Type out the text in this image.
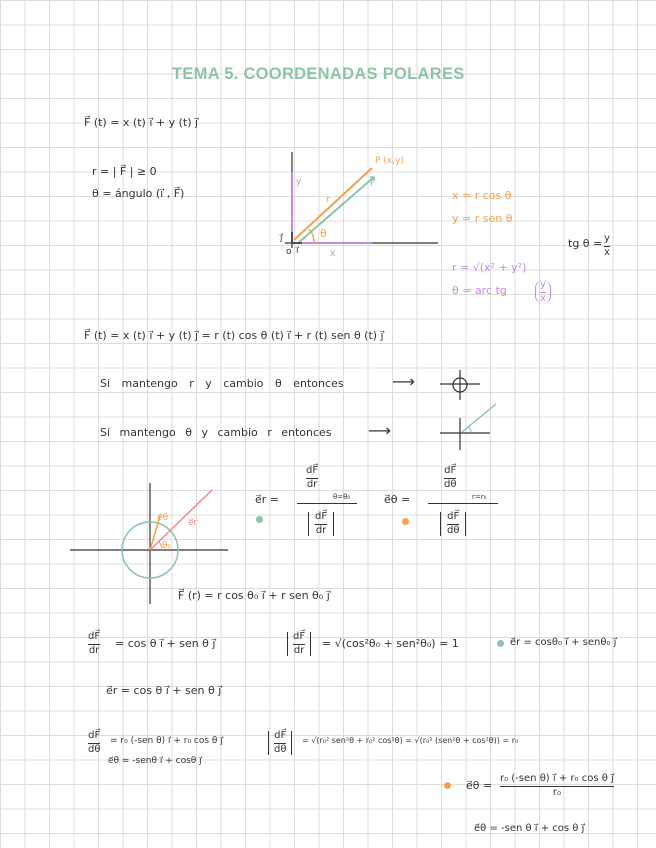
TEMA 5. COORDENADAS POLARES
F⃗ (t) = x (t) i⃗ + y (t) j⃗
r = | F⃗ | ≥ 0
θ = ángulo (i⃗ , F⃗)
P (x,y)
F⃗
r
y
x
θ
j⃗
i⃗
o
x = r cos θ
y = r sen θ
tg θ = y
x
r = √(x² + y²)
θ = arc tg	y
x
F⃗ (t) = x (t) i⃗ + y (t) j⃗ = r (t) cos θ (t) i⃗ + r (t) sen θ (t) j⃗
Si mantengo r y cambio θ entonces	⟶
Si mantengo θ y cambio r entonces ⟶
e⃗r
e⃗θ
θ₀
e⃗r =
dF⃗
dr
θ=θ₀
dF⃗
dr
e⃗θ =
dF⃗
dθ
r=r₀
dF⃗
dθ
F⃗ (r) = r cos θ₀ i⃗ + r sen θ₀ j⃗
dF⃗
dr = cos θ i⃗ + sen θ j⃗
dF⃗
dr = √(cos²θ₀ + sen²θ₀) = 1	e⃗r = cosθ₀ i⃗ + senθ₀ j⃗
e⃗r = cos θ i⃗ + sen θ j⃗
dF⃗
dθ
= r₀ (-sen θ) i⃗ + r₀ cos θ j⃗
e⃗θ = -senθ i⃗ + cosθ j⃗
dF⃗
dθ
= √(r₀² sen²θ + r₀² cos²θ) = √(r₀² (sen²θ + cos²θ)) = r₀
e⃗θ =
r₀ (-sen θ) i⃗ + r₀ cos θ j⃗
r₀
e⃗θ = -sen θ i⃗ + cos θ j⃗
